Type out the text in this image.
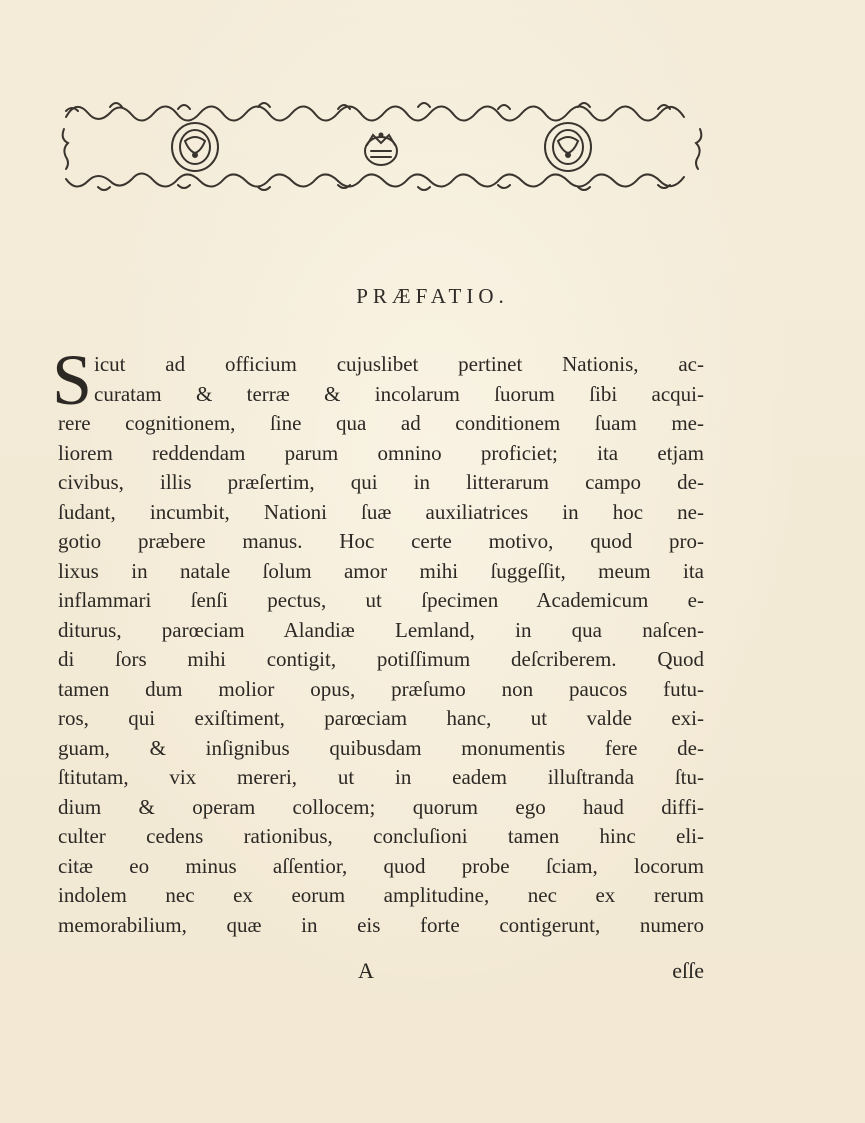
PRÆFATIO.
S icut ad officium cujuslibet pertinet Nationis, ac-
curatam & terræ & incolarum ſuorum ſibi acqui-
rere cognitionem, ſine qua ad conditionem ſuam me-
liorem reddendam parum omnino proficiet; ita etjam
civibus, illis præſertim, qui in litterarum campo de-
ſudant, incumbit, Nationi ſuæ auxiliatrices in hoc ne-
gotio præbere manus. Hoc certe motivo, quod pro-
lixus in natale ſolum amor mihi ſuggeſſit, meum ita
inflammari ſenſi pectus, ut ſpecimen Academicum e-
diturus, parœciam Alandiæ Lemland, in qua naſcen-
di ſors mihi contigit, potiſſimum deſcriberem. Quod
tamen dum molior opus, præſumo non paucos futu-
ros, qui exiſtiment, parœciam hanc, ut valde exi-
guam, & inſignibus quibusdam monumentis fere de-
ſtitutam, vix mereri, ut in eadem illuſtranda ſtu-
dium & operam collocem; quorum ego haud diffi-
culter cedens rationibus, concluſioni tamen hinc eli-
citæ eo minus aſſentior, quod probe ſciam, locorum
indolem nec ex eorum amplitudine, nec ex rerum
memorabilium, quæ in eis forte contigerunt, numero
A	eſſe
